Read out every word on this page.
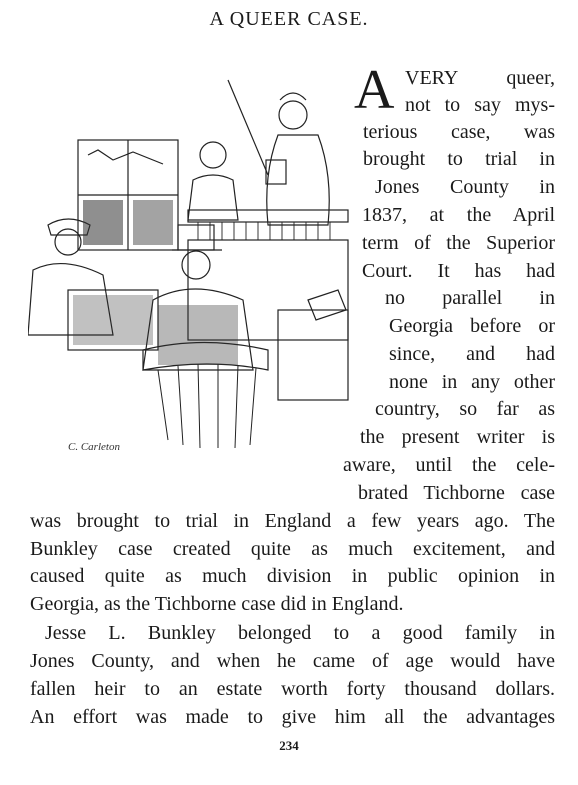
A QUEER CASE.
C. Carleton
A VERY queer,
not to say mys-
terious case, was
brought to trial in
Jones County in
1837, at the April
term of the Superior
Court. It has had
no parallel in
Georgia before or
since, and had
none in any other
country, so far as
the present writer is
aware, until the cele-
brated Tichborne case
was brought to trial in England a few years ago. The
Bunkley case created quite as much excitement, and
caused quite as much division in public opinion in
Georgia, as the Tichborne case did in England.
Jesse L. Bunkley belonged to a good family in
Jones County, and when he came of age would have
fallen heir to an estate worth forty thousand dollars.
An effort was made to give him all the advantages
234
